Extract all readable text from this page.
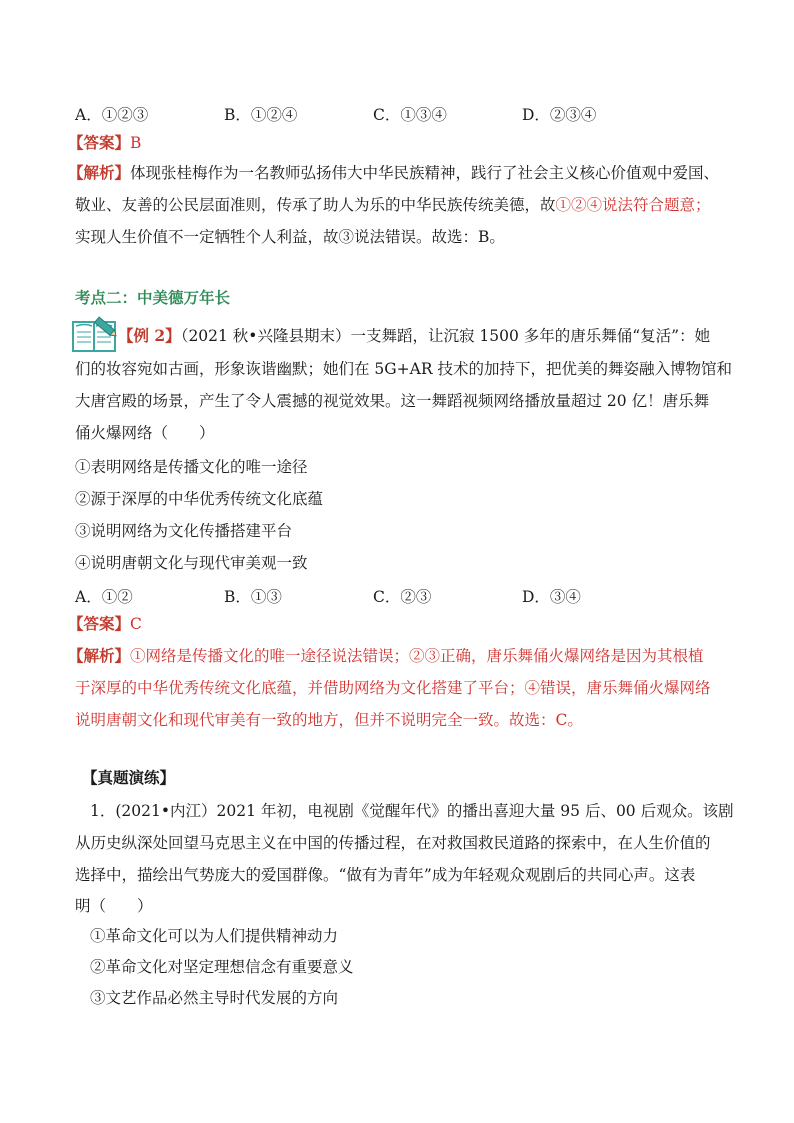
A．①②③	B．①②④	C．①③④	D．②③④
【答案】B
【解析】体现张桂梅作为一名教师弘扬伟大中华民族精神，践行了社会主义核心价值观中爱国、
敬业、友善的公民层面准则，传承了助人为乐的中华民族传统美德，故①②④说法符合题意；
实现人生价值不一定牺牲个人利益，故③说法错误。故选：B。
考点二：中美德万年长
【例 2】（2021 秋•兴隆县期末）一支舞蹈，让沉寂 1500 多年的唐乐舞俑“复活”：她
们的妆容宛如古画，形象诙谐幽默；她们在 5G+AR 技术的加持下，把优美的舞姿融入博物馆和
大唐宫殿的场景，产生了令人震撼的视觉效果。这一舞蹈视频网络播放量超过 20 亿！唐乐舞
俑火爆网络（　　）
①表明网络是传播文化的唯一途径
②源于深厚的中华优秀传统文化底蕴
③说明网络为文化传播搭建平台
④说明唐朝文化与现代审美观一致
A．①②	B．①③	C．②③	D．③④
【答案】C
【解析】①网络是传播文化的唯一途径说法错误；②③正确，唐乐舞俑火爆网络是因为其根植
于深厚的中华优秀传统文化底蕴，并借助网络为文化搭建了平台；④错误，唐乐舞俑火爆网络
说明唐朝文化和现代审美有一致的地方，但并不说明完全一致。故选：C。
【真题演练】
1．(2021•内江）2021 年初，电视剧《觉醒年代》的播出喜迎大量 95 后、00 后观众。该剧
从历史纵深处回望马克思主义在中国的传播过程，在对救国救民道路的探索中，在人生价值的
选择中，描绘出气势庞大的爱国群像。“做有为青年”成为年轻观众观剧后的共同心声。这表
明（　　）
①革命文化可以为人们提供精神动力
②革命文化对坚定理想信念有重要意义
③文艺作品必然主导时代发展的方向
